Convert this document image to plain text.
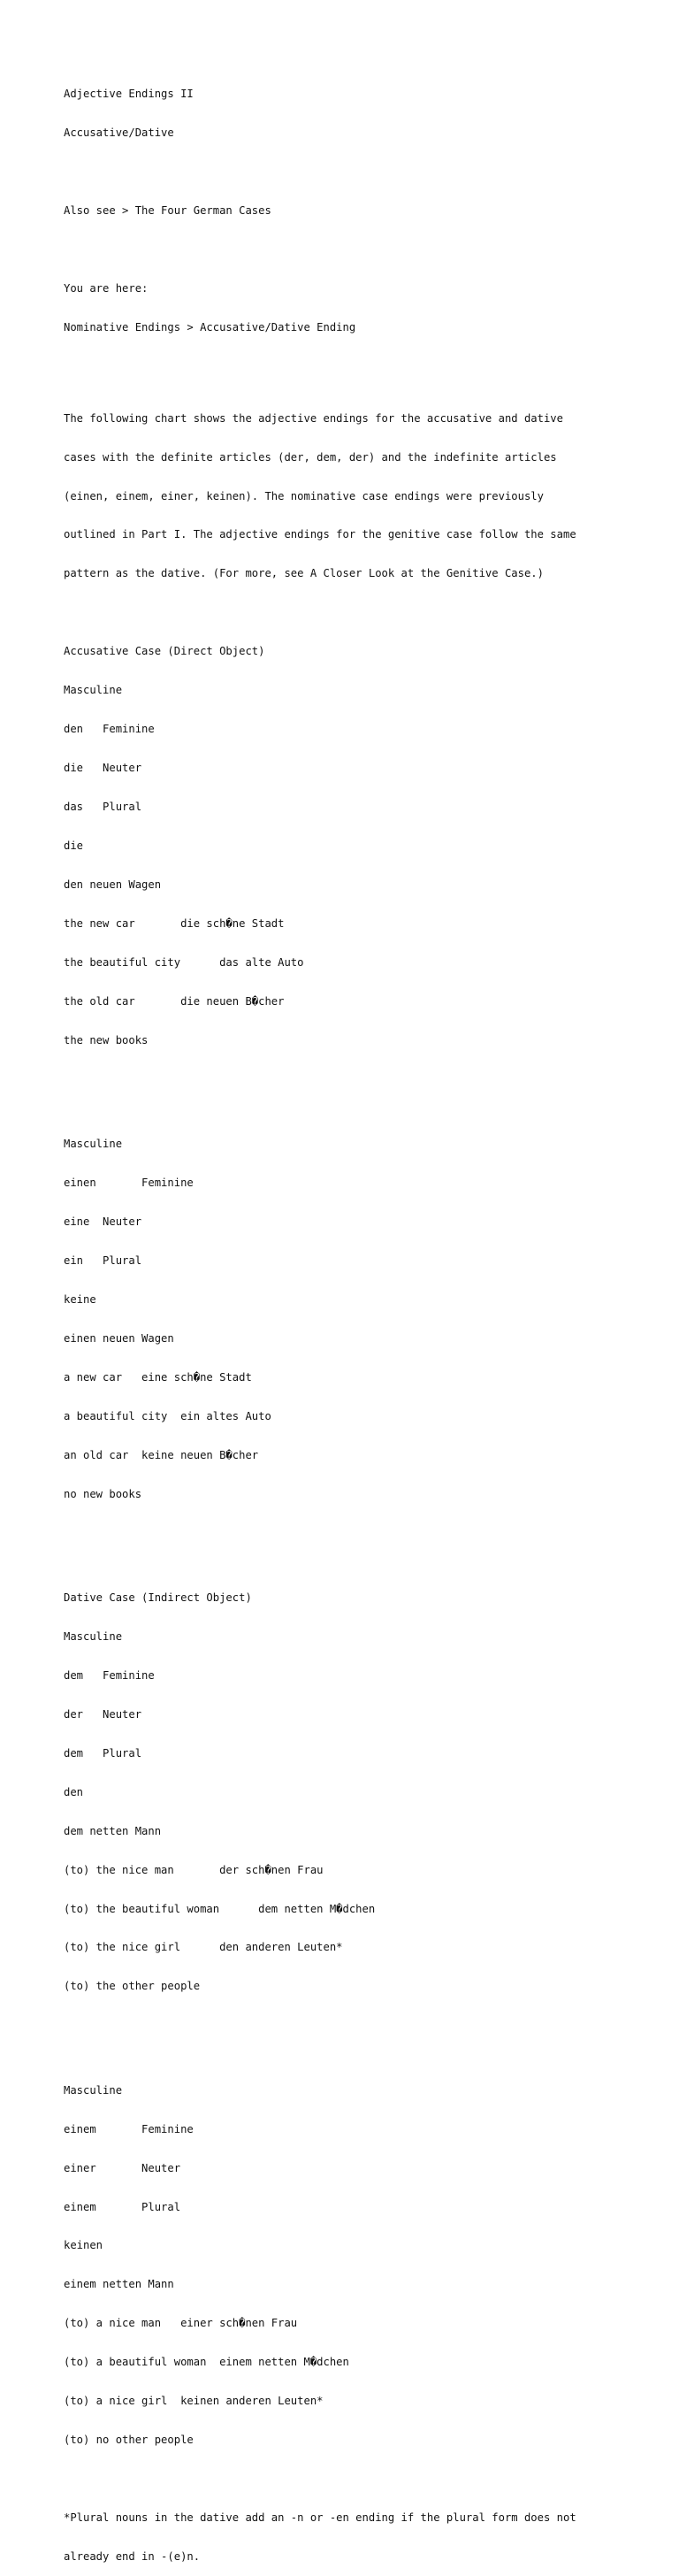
Adjective Endings II

Accusative/Dative

Also see > The Four German Cases

You are here:

Nominative Endings > Accusative/Dative Ending

The following chart shows the adjective endings for the accusative and dative

cases with the definite articles (der, dem, der) and the indefinite articles

(einen, einem, einer, keinen). The nominative case endings were previously

outlined in Part I. The adjective endings for the genitive case follow the same

pattern as the dative. (For more, see A Closer Look at the Genitive Case.)

Accusative Case (Direct Object)

Masculine

den   Feminine

die   Neuter

das   Plural

die

den neuen Wagen

the new car       die sch�ne Stadt

the beautiful city      das alte Auto

the old car       die neuen B�cher

the new books

Masculine

einen       Feminine

eine  Neuter

ein   Plural

keine

einen neuen Wagen

a new car   eine sch�ne Stadt

a beautiful city  ein altes Auto

an old car  keine neuen B�cher

no new books

Dative Case (Indirect Object)

Masculine

dem   Feminine

der   Neuter

dem   Plural

den

dem netten Mann

(to) the nice man       der sch�nen Frau

(to) the beautiful woman      dem netten M�dchen

(to) the nice girl      den anderen Leuten*

(to) the other people

Masculine

einem       Feminine

einer       Neuter

einem       Plural

keinen

einem netten Mann

(to) a nice man   einer sch�nen Frau

(to) a beautiful woman  einem netten M�dchen

(to) a nice girl  keinen anderen Leuten*

(to) no other people

*Plural nouns in the dative add an -n or -en ending if the plural form does not

already end in -(e)n.
